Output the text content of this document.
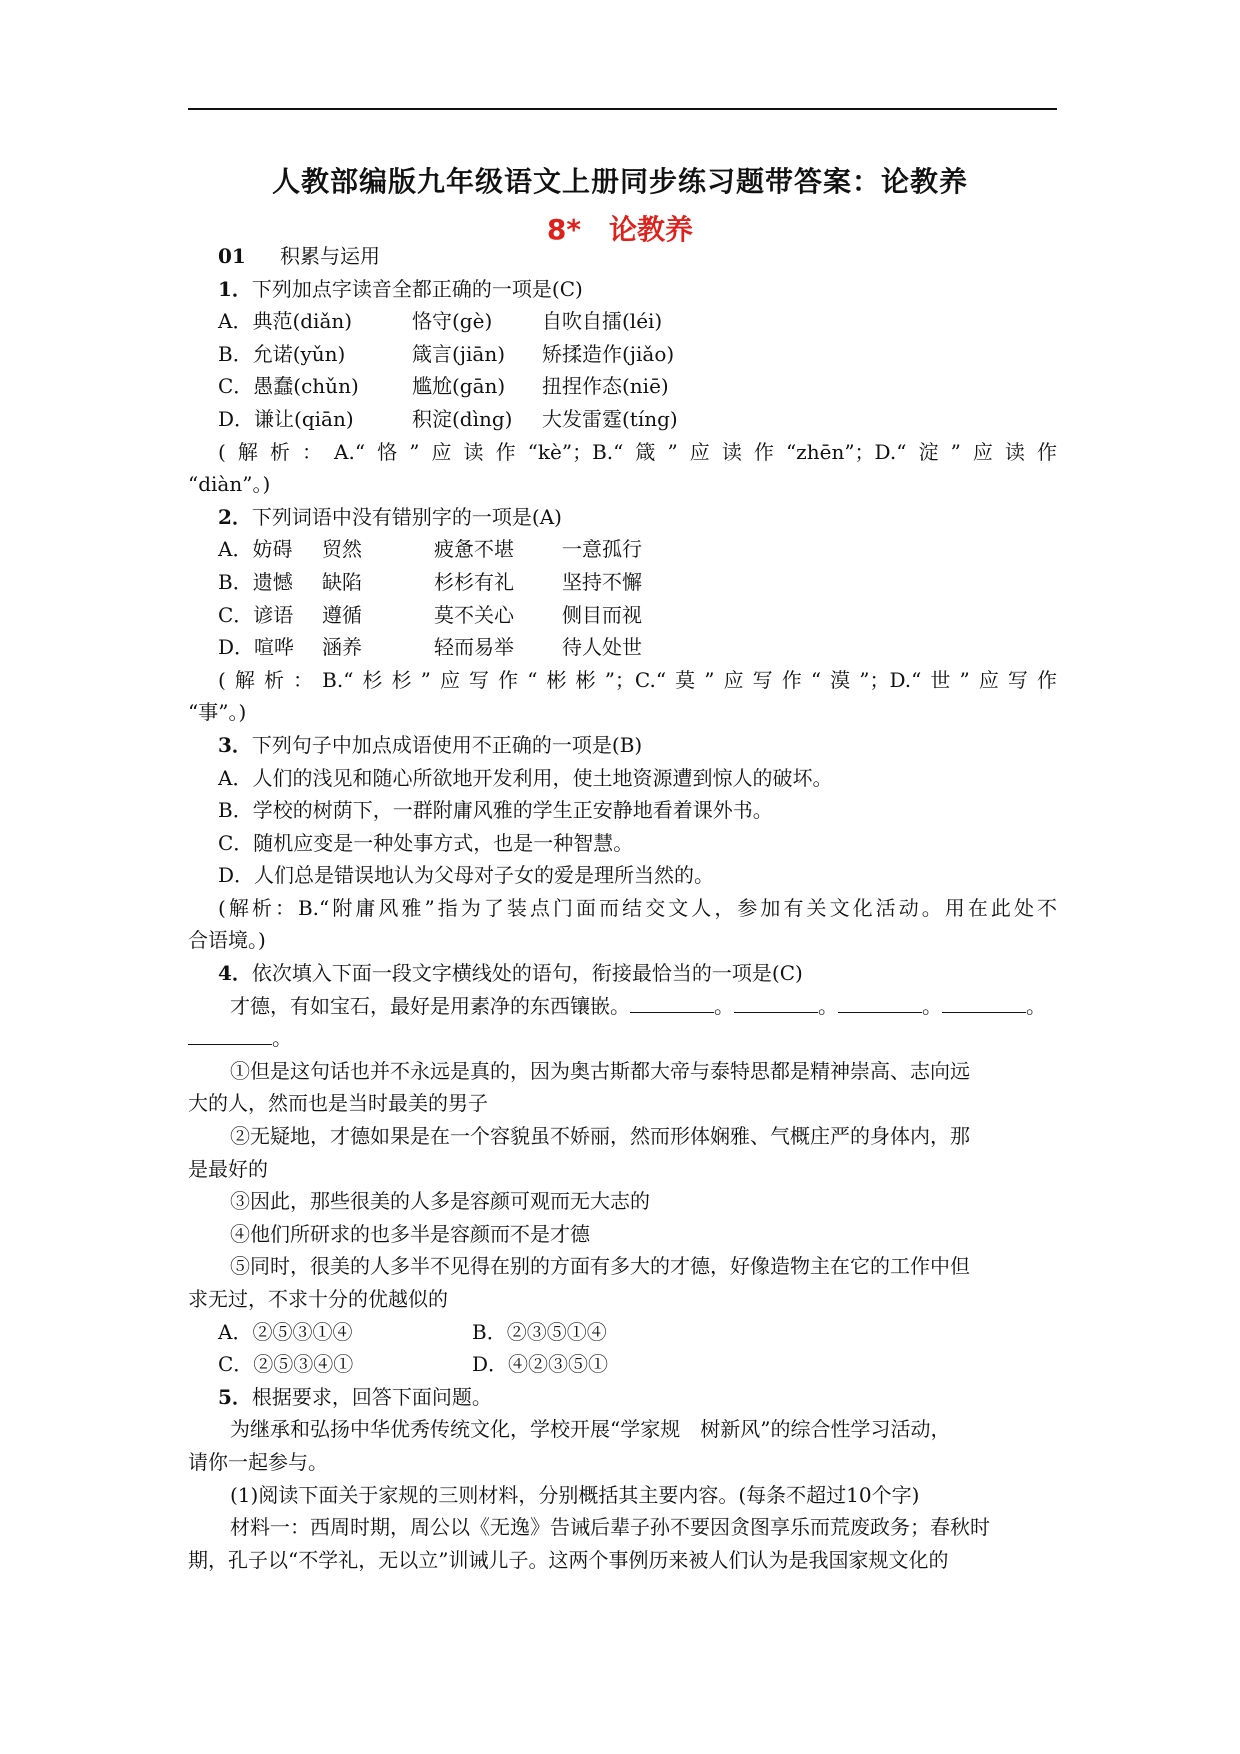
人教部编版九年级语文上册同步练习题带答案：论教养
8*　论教养
01 积累与运用
1．下列加点字读音全都正确的一项是(C)
A．典范(diǎn)	恪守(gè) 自吹自擂(léi)
B．允诺(yǔn)	箴言(jiān) 矫揉造作(jiǎo)
C．愚蠢(chǔn)	尴尬(gān) 扭捏作态(niē)
D．谦让(qiān)	积淀(dìng) 大发雷霆(tíng)
(解析：A.“恪”应读作“kè”；B.“箴”应读作“zhēn”；D.“淀”应读作
“diàn”。)
2．下列词语中没有错别字的一项是(A)
A．妨碍 贸然	疲惫不堪 一意孤行
B．遗憾 缺陷	杉杉有礼 坚持不懈
C．谚语 遵循	莫不关心 侧目而视
D．喧哗 涵养	轻而易举 待人处世
(解析：B.“杉杉”应写作“彬彬”；C.“莫”应写作“漠”；D.“世”应写作
“事”。)
3．下列句子中加点成语使用不正确的一项是(B)
A．人们的浅见和随心所欲地开发利用，使土地资源遭到惊人的破坏。
B．学校的树荫下，一群附庸风雅的学生正安静地看着课外书。
C．随机应变是一种处事方式，也是一种智慧。
D．人们总是错误地认为父母对子女的爱是理所当然的。
(解析：B.“附庸风雅”指为了装点门面而结交文人，参加有关文化活动。用在此处不
合语境。)
4．依次填入下面一段文字横线处的语句，衔接最恰当的一项是(C)
才德，有如宝石，最好是用素净的东西镶嵌。	。	。	。	。
。
①但是这句话也并不永远是真的，因为奥古斯都大帝与泰特思都是精神崇高、志向远
大的人，然而也是当时最美的男子
②无疑地，才德如果是在一个容貌虽不娇丽，然而形体娴雅、气概庄严的身体内，那
是最好的
③因此，那些很美的人多是容颜可观而无大志的
④他们所研求的也多半是容颜而不是才德
⑤同时，很美的人多半不见得在别的方面有多大的才德，好像造物主在它的工作中但
求无过，不求十分的优越似的
A．②⑤③①④	B．②③⑤①④
C．②⑤③④①	D．④②③⑤①
5．根据要求，回答下面问题。
为继承和弘扬中华优秀传统文化，学校开展“学家规　树新风”的综合性学习活动，
请你一起参与。
(1)阅读下面关于家规的三则材料，分别概括其主要内容。(每条不超过10个字)
材料一：西周时期，周公以《无逸》告诫后辈子孙不要因贪图享乐而荒废政务；春秋时
期，孔子以“不学礼，无以立”训诫儿子。这两个事例历来被人们认为是我国家规文化的
